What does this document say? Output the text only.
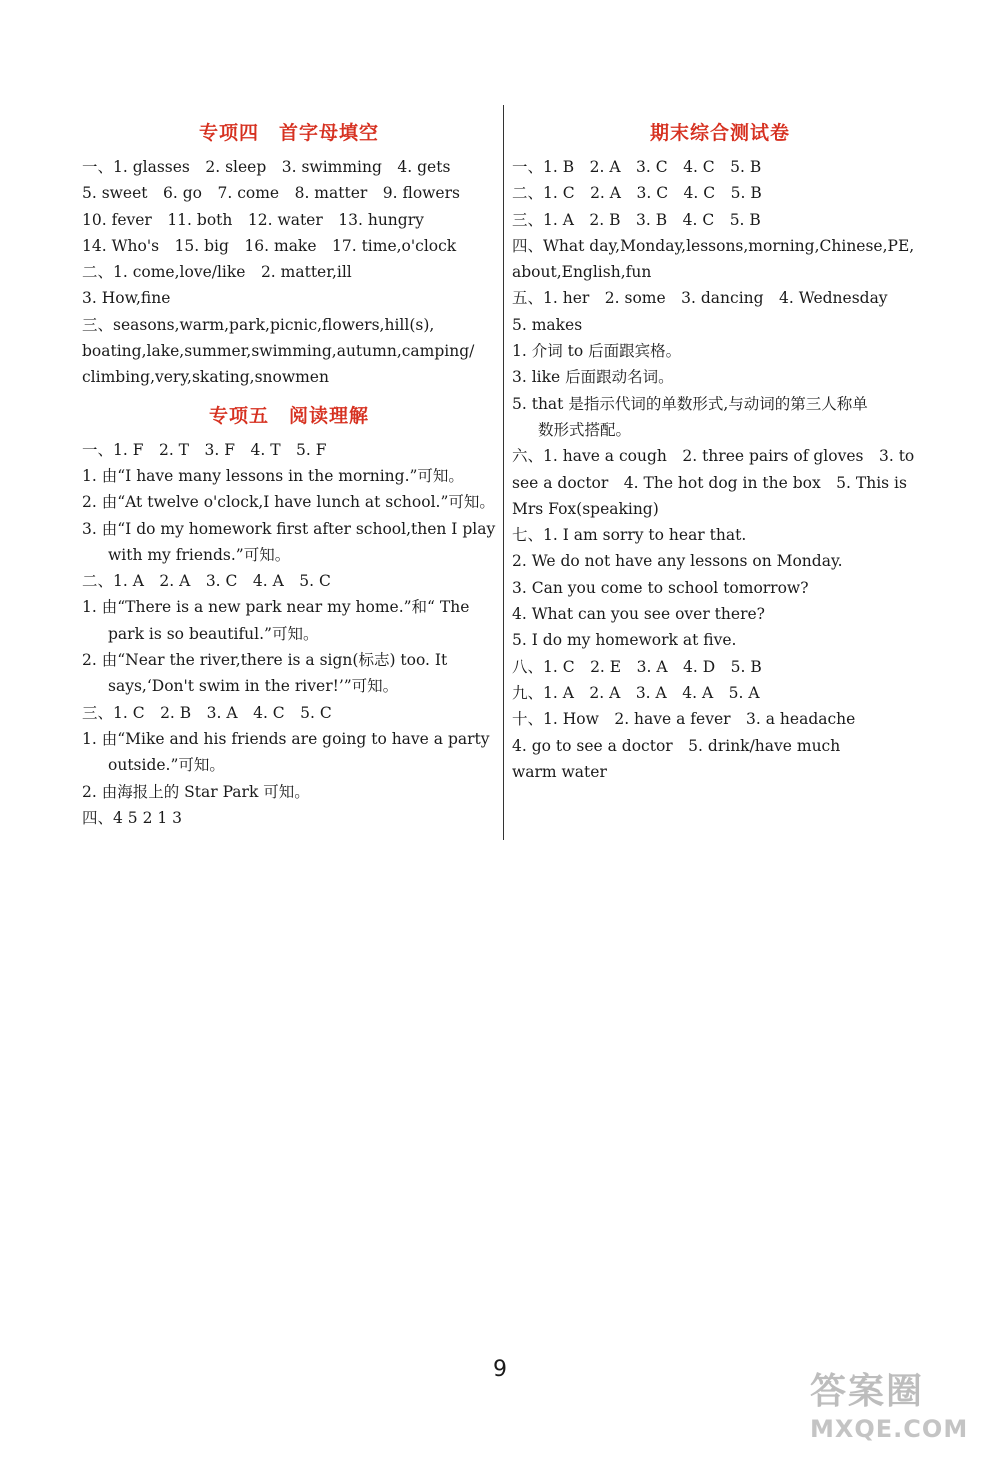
专项四　首字母填空
一、1. glasses　2. sleep　3. swimming　4. gets
5. sweet　6. go　7. come　8. matter　9. flowers
10. fever　11. both　12. water　13. hungry
14. Who's　15. big　16. make　17. time,o'clock
二、1. come,love/like　2. matter,ill
3. How,fine
三、seasons,warm,park,picnic,flowers,hill(s),
boating,lake,summer,swimming,autumn,camping/
climbing,very,skating,snowmen
专项五　阅读理解
一、1. F　2. T　3. F　4. T　5. F
1. 由“I have many lessons in the morning.”可知。
2. 由“At twelve o'clock,I have lunch at school.”可知。
3. 由“I do my homework first after school,then I play
with my friends.”可知。
二、1. A　2. A　3. C　4. A　5. C
1. 由“There is a new park near my home.”和“ The
park is so beautiful.”可知。
2. 由“Near the river,there is a sign(标志) too. It
says,‘Don't swim in the river!’”可知。
三、1. C　2. B　3. A　4. C　5. C
1. 由“Mike and his friends are going to have a party
outside.”可知。
2. 由海报上的 Star Park 可知。
四、4 5 2 1 3
期末综合测试卷
一、1. B　2. A　3. C　4. C　5. B
二、1. C　2. A　3. C　4. C　5. B
三、1. A　2. B　3. B　4. C　5. B
四、What day,Monday,lessons,morning,Chinese,PE,
about,English,fun
五、1. her　2. some　3. dancing　4. Wednesday
5. makes
1. 介词 to 后面跟宾格。
3. like 后面跟动名词。
5. that 是指示代词的单数形式,与动词的第三人称单
数形式搭配。
六、1. have a cough　2. three pairs of gloves　3. to
see a doctor　4. The hot dog in the box　5. This is
Mrs Fox(speaking)
七、1. I am sorry to hear that.
2. We do not have any lessons on Monday.
3. Can you come to school tomorrow?
4. What can you see over there?
5. I do my homework at five.
八、1. C　2. E　3. A　4. D　5. B
九、1. A　2. A　3. A　4. A　5. A
十、1. How　2. have a fever　3. a headache
4. go to see a doctor　5. drink/have much
warm water
9
答案圈
MXQE.COM
